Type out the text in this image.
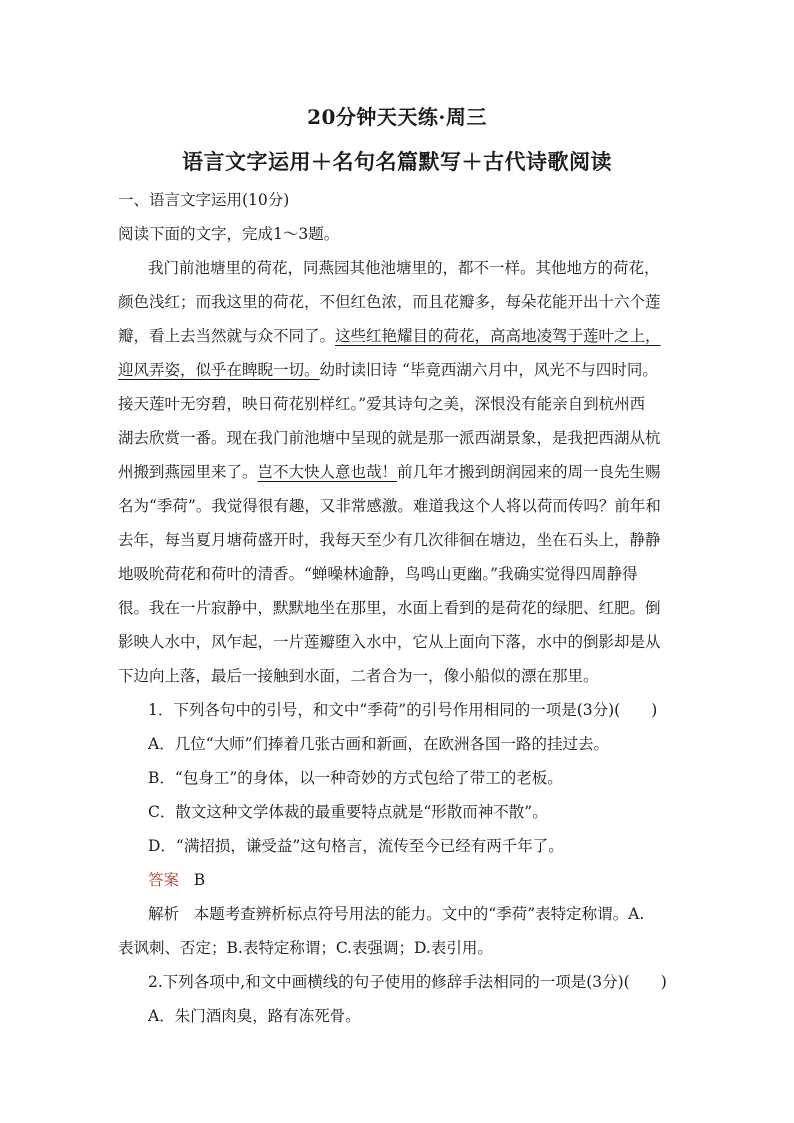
20分钟天天练·周三
语言文字运用＋名句名篇默写＋古代诗歌阅读
一、语言文字运用(10分)
阅读下面的文字，完成1～3题。
我门前池塘里的荷花，同燕园其他池塘里的，都不一样。其他地方的荷花，
颜色浅红；而我这里的荷花，不但红色浓，而且花瓣多，每朵花能开出十六个莲
瓣，看上去当然就与众不同了。这些红艳耀目的荷花，高高地凌驾于莲叶之上，
迎风弄姿，似乎在睥睨一切。幼时读旧诗 “毕竟西湖六月中，风光不与四时同。
接天莲叶无穷碧，映日荷花别样红。”爱其诗句之美，深恨没有能亲自到杭州西
湖去欣赏一番。现在我门前池塘中呈现的就是那一派西湖景象，是我把西湖从杭
州搬到燕园里来了。岂不大快人意也哉！前几年才搬到朗润园来的周一良先生赐
名为“季荷”。我觉得很有趣，又非常感激。难道我这个人将以荷而传吗？前年和
去年，每当夏月塘荷盛开时，我每天至少有几次徘徊在塘边，坐在石头上，静静
地吸吮荷花和荷叶的清香。“蝉噪林逾静，鸟鸣山更幽。”我确实觉得四周静得
很。我在一片寂静中，默默地坐在那里，水面上看到的是荷花的绿肥、红肥。倒
影映人水中，风乍起，一片莲瓣堕入水中，它从上面向下落，水中的倒影却是从
下边向上落，最后一接触到水面，二者合为一，像小船似的漂在那里。
1．下列各句中的引号，和文中“季荷”的引号作用相同的一项是(3分)(　　)
A．几位“大师”们捧着几张古画和新画，在欧洲各国一路的挂过去。
B．“包身工”的身体，以一种奇妙的方式包给了带工的老板。
C．散文这种文学体裁的最重要特点就是“形散而神不散”。
D．“满招损，谦受益”这句格言，流传至今已经有两千年了。
答案 B
解析 本题考查辨析标点符号用法的能力。文中的“季荷”表特定称谓。A.
表讽刺、否定；B.表特定称谓；C.表强调；D.表引用。
2.下列各项中,和文中画横线的句子使用的修辞手法相同的一项是(3分)(　　)
A．朱门酒肉臭，路有冻死骨。
